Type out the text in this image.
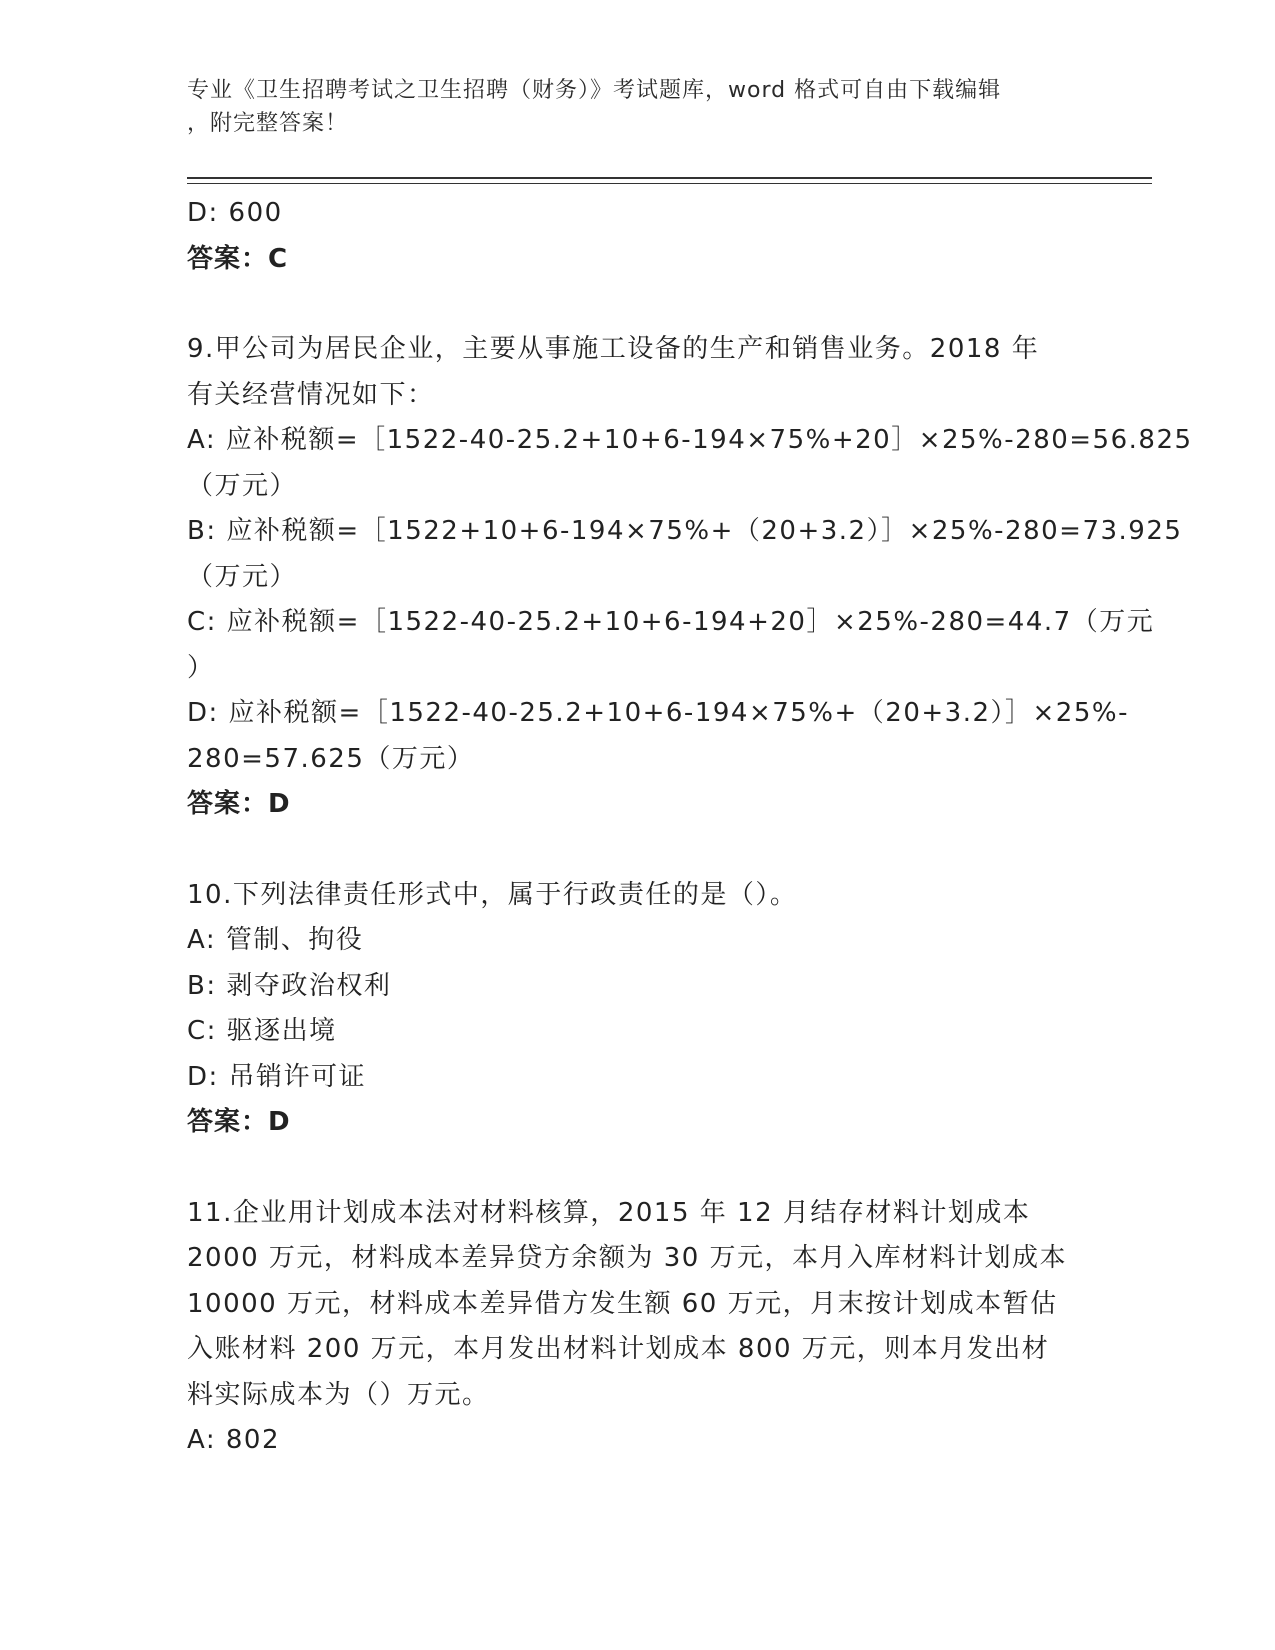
专业《卫生招聘考试之卫生招聘（财务）》考试题库，word 格式可自由下载编辑
，附完整答案！
D: 600
答案：C
9.甲公司为居民企业，主要从事施工设备的生产和销售业务。2018 年
有关经营情况如下：
A: 应补税额=［1522-40-25.2+10+6-194×75%+20］×25%-280=56.825
（万元）
B: 应补税额=［1522+10+6-194×75%+（20+3.2）］×25%-280=73.925
（万元）
C: 应补税额=［1522-40-25.2+10+6-194+20］×25%-280=44.7（万元
）
D: 应补税额=［1522-40-25.2+10+6-194×75%+（20+3.2）］×25%-
280=57.625（万元）
答案：D
10.下列法律责任形式中，属于行政责任的是（）。
A: 管制、拘役
B: 剥夺政治权利
C: 驱逐出境
D: 吊销许可证
答案：D
11.企业用计划成本法对材料核算，2015 年 12 月结存材料计划成本
2000 万元，材料成本差异贷方余额为 30 万元，本月入库材料计划成本
10000 万元，材料成本差异借方发生额 60 万元，月末按计划成本暂估
入账材料 200 万元，本月发出材料计划成本 800 万元，则本月发出材
料实际成本为（）万元。
A: 802
